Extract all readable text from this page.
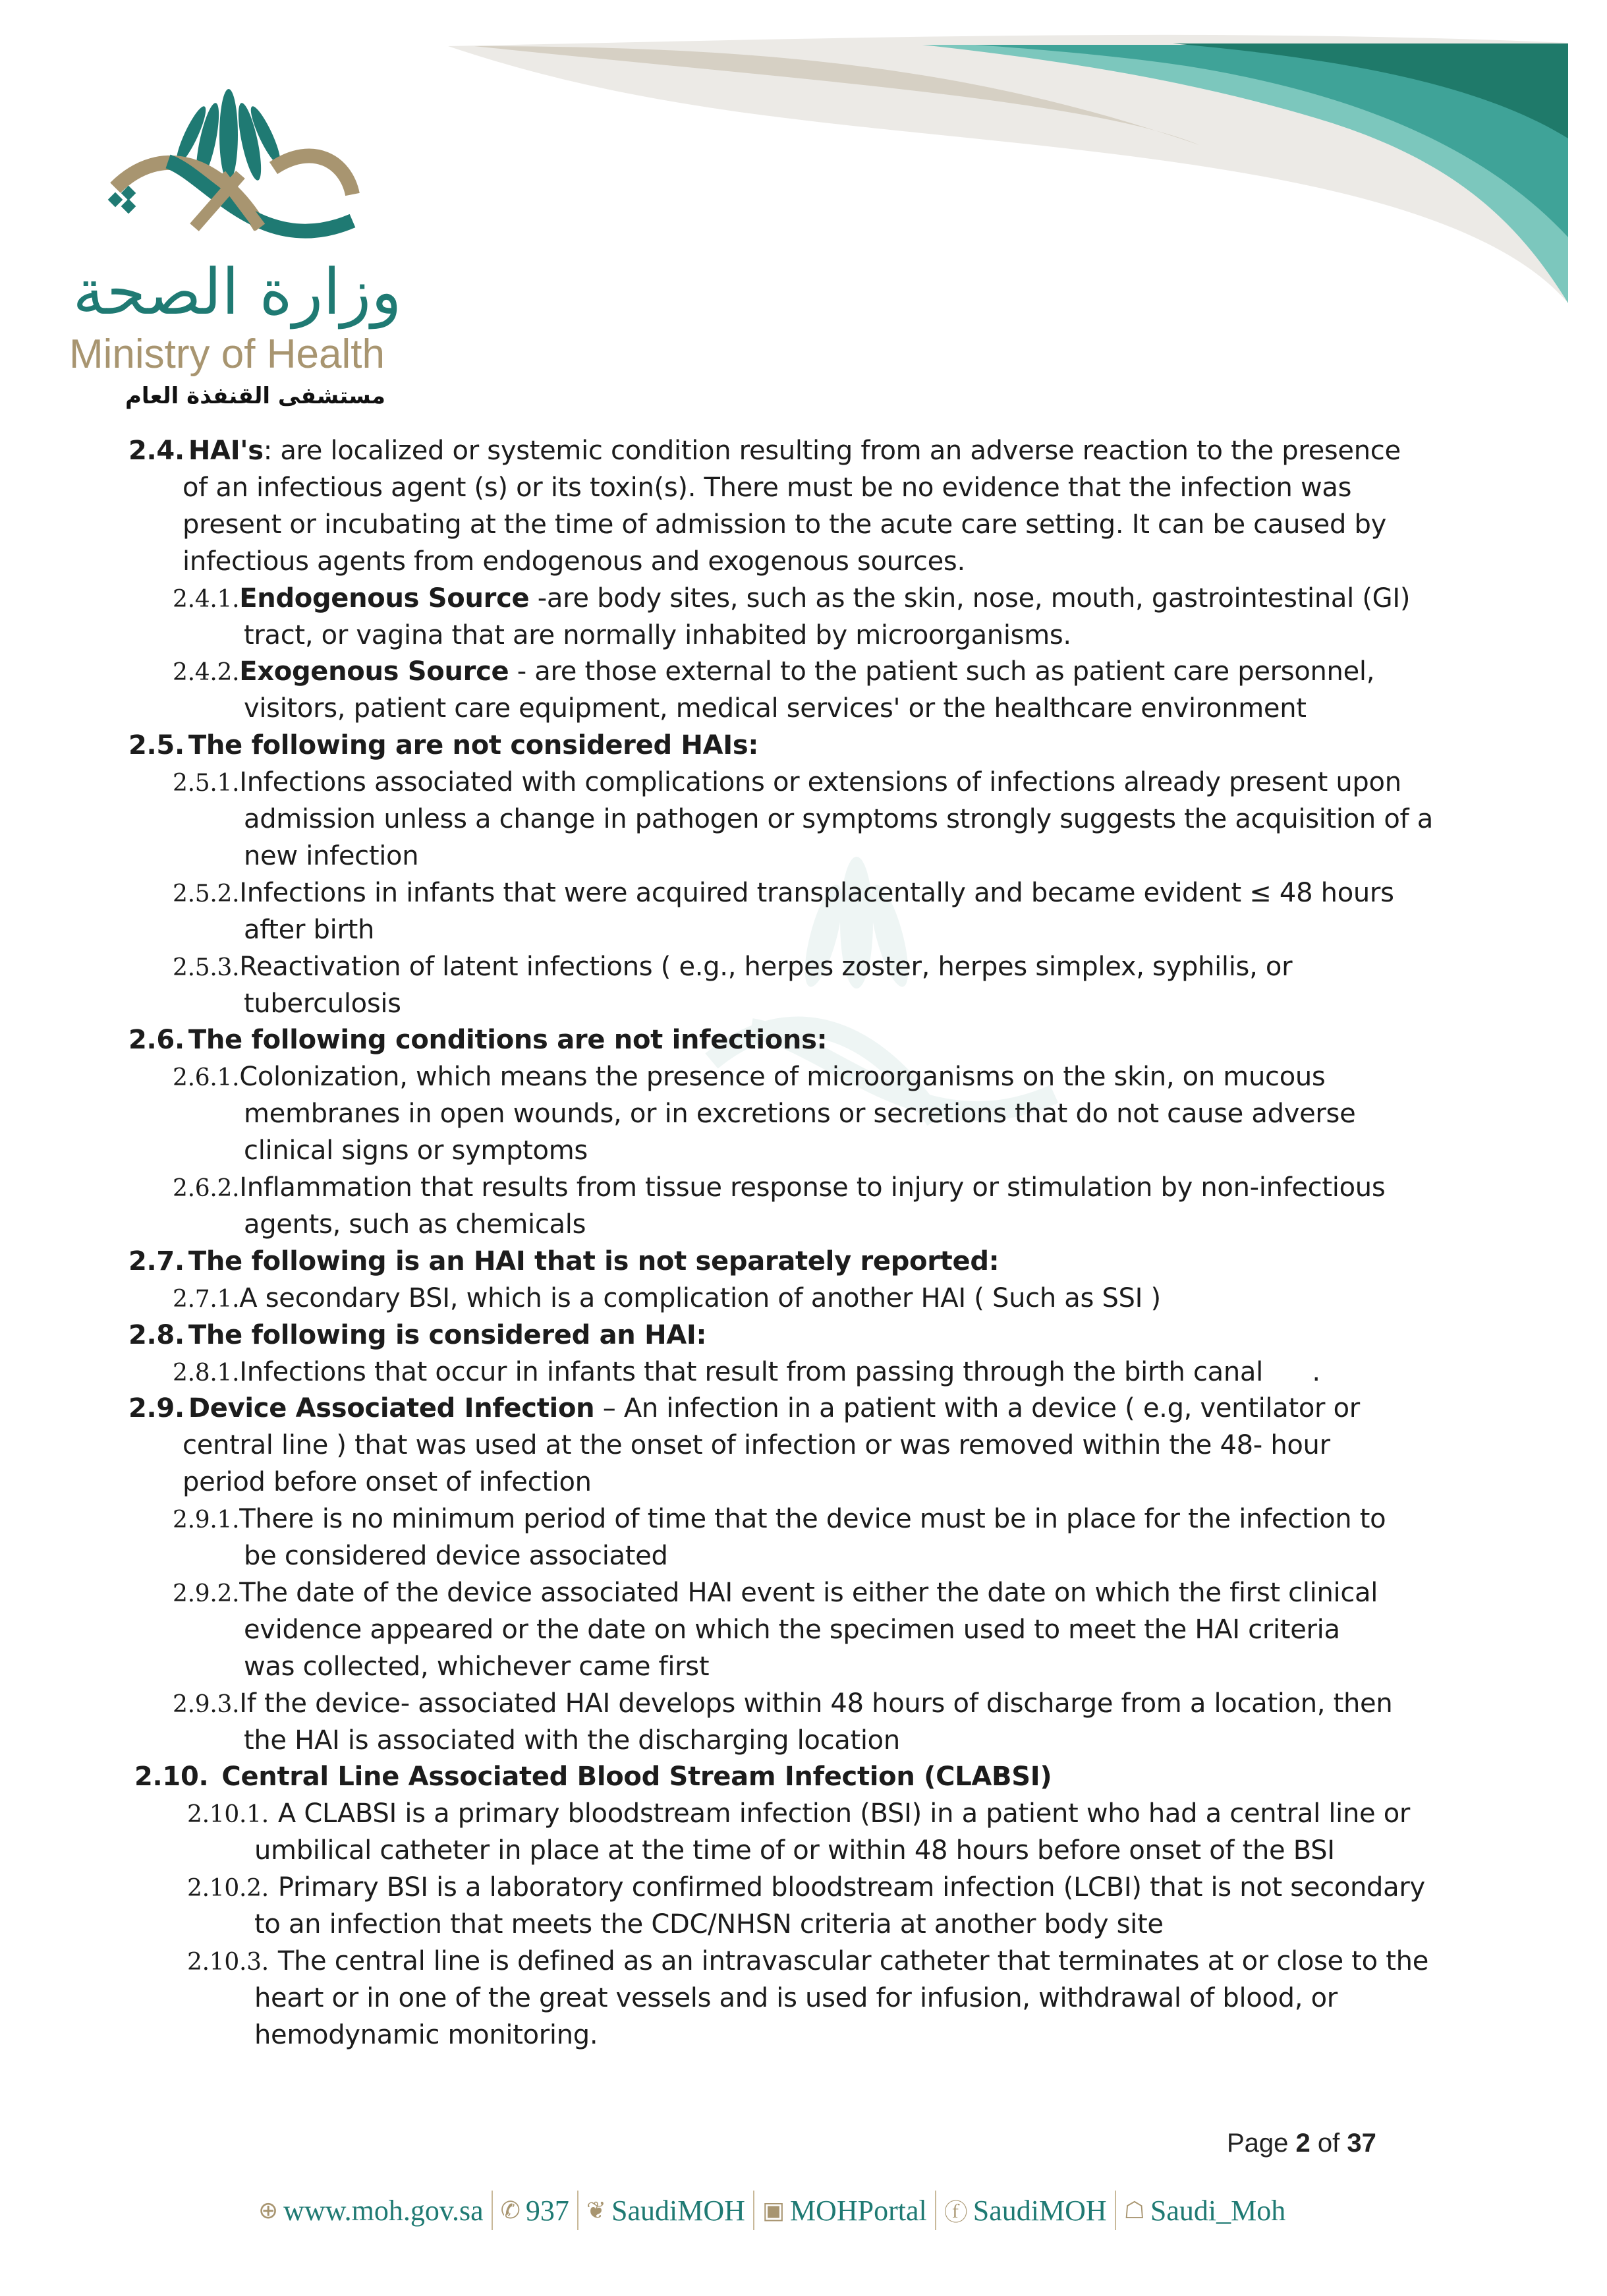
وزارة الصحة
Ministry of Health
مستشفى القنفذة العام
2.4. HAI's: are localized or systemic condition resulting from an adverse reaction to the presence
of an infectious agent (s) or its toxin(s). There must be no evidence that the infection was
present or incubating at the time of admission to the acute care setting. It can be caused by
infectious agents from endogenous and exogenous sources.
2.4.1.Endogenous Source -are body sites, such as the skin, nose, mouth, gastrointestinal (GI)
tract, or vagina that are normally inhabited by microorganisms.
2.4.2.Exogenous Source - are those external to the patient such as patient care personnel,
visitors, patient care equipment, medical services' or the healthcare environment
2.5. The following are not considered HAIs:
2.5.1.Infections associated with complications or extensions of infections already present upon
admission unless a change in pathogen or symptoms strongly suggests the acquisition of a
new infection
2.5.2.Infections in infants that were acquired transplacentally and became evident ≤ 48 hours
after birth
2.5.3.Reactivation of latent infections ( e.g., herpes zoster, herpes simplex, syphilis, or
tuberculosis
2.6. The following conditions are not infections:
2.6.1.Colonization, which means the presence of microorganisms on the skin, on mucous
membranes in open wounds, or in excretions or secretions that do not cause adverse
clinical signs or symptoms
2.6.2.Inflammation that results from tissue response to injury or stimulation by non-infectious
agents, such as chemicals
2.7. The following is an HAI that is not separately reported:
2.7.1.A secondary BSI, which is a complication of another HAI ( Such as SSI )
2.8. The following is considered an HAI:
2.8.1.Infections that occur in infants that result from passing through the birth canal      .
2.9. Device Associated Infection – An infection in a patient with a device ( e.g, ventilator or
central line ) that was used at the onset of infection or was removed within the 48- hour
period before onset of infection
2.9.1.There is no minimum period of time that the device must be in place for the infection to
be considered device associated
2.9.2.The date of the device associated HAI event is either the date on which the first clinical
evidence appeared or the date on which the specimen used to meet the HAI criteria
was collected, whichever came first
2.9.3.If the device- associated HAI develops within 48 hours of discharge from a location, then
the HAI is associated with the discharging location
2.10. Central Line Associated Blood Stream Infection (CLABSI)
2.10.1. A CLABSI is a primary bloodstream infection (BSI) in a patient who had a central line or
umbilical catheter in place at the time of or within 48 hours before onset of the BSI
2.10.2. Primary BSI is a laboratory confirmed bloodstream infection (LCBI) that is not secondary
to an infection that meets the CDC/NHSN criteria at another body site
2.10.3. The central line is defined as an intravascular catheter that terminates at or close to the
heart or in one of the great vessels and is used for infusion, withdrawal of blood, or
hemodynamic monitoring.
Page 2 of 37
⊕ www.moh.gov.sa ✆ 937 ❦ SaudiMOH ▣ MOHPortal ⓕ SaudiMOH ☖ Saudi_Moh
